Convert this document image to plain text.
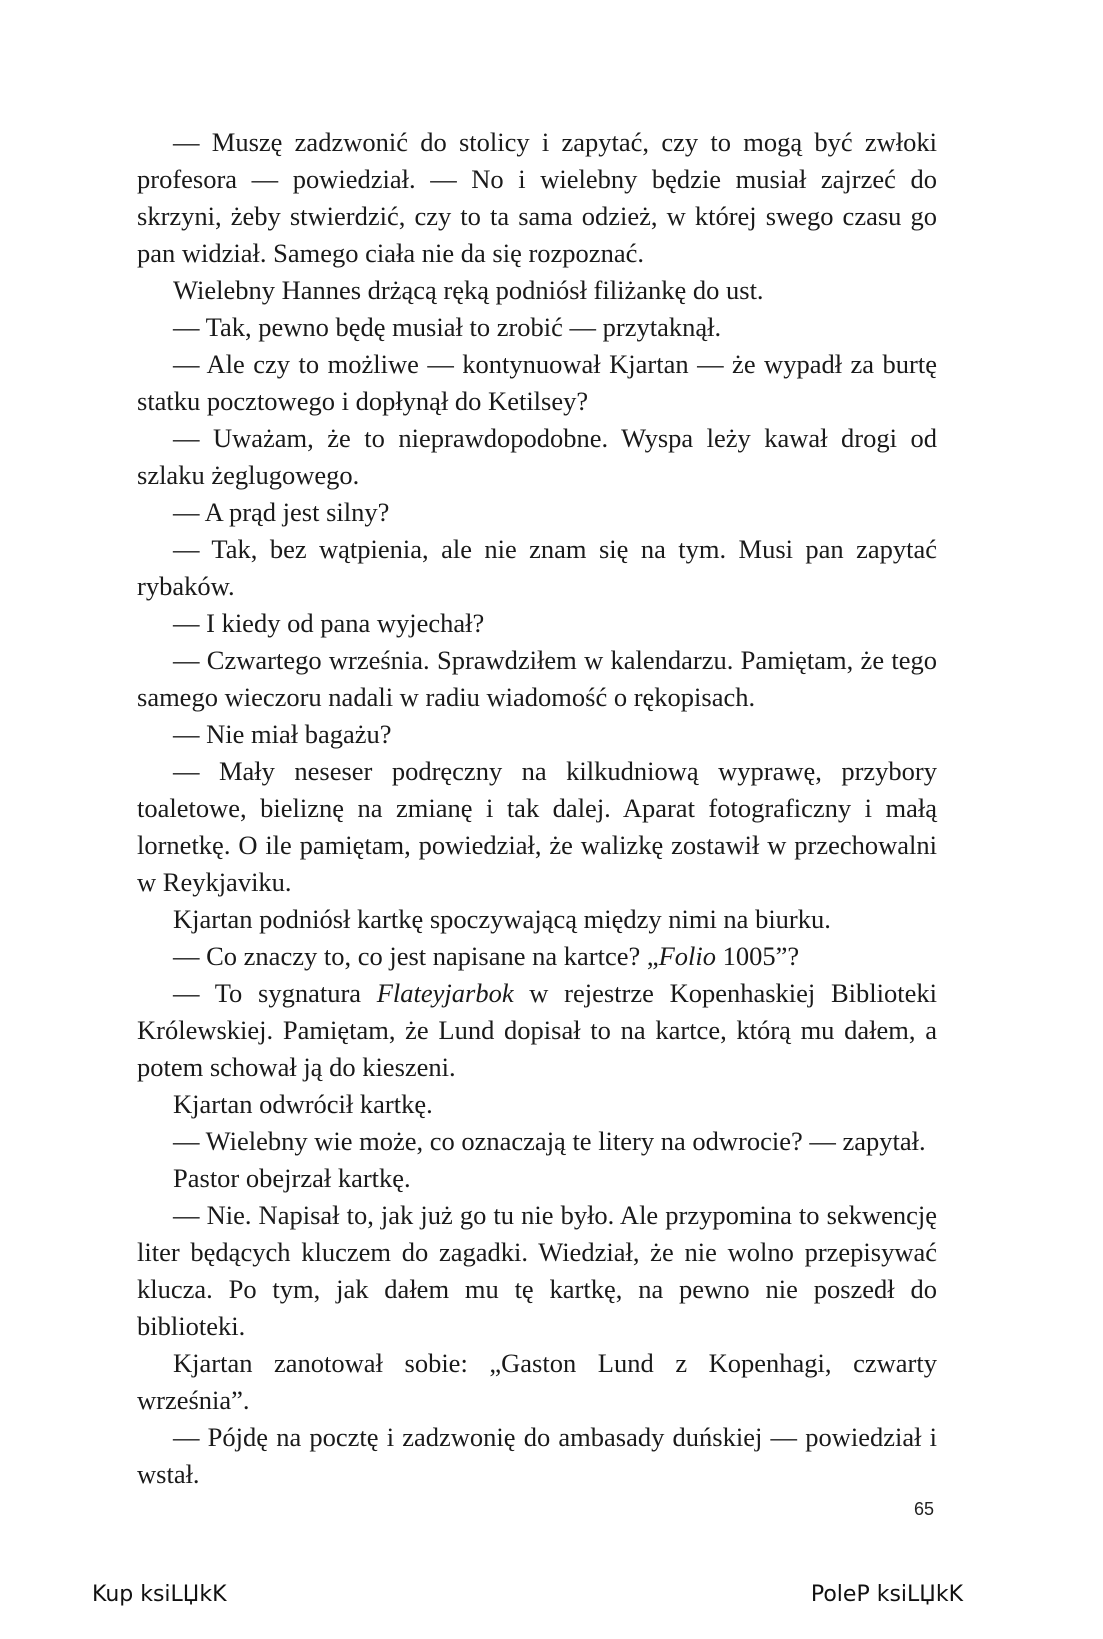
— Muszę zadzwonić do stolicy i zapytać, czy to mogą być zwłoki profesora — powiedział. — No i wielebny będzie musiał zajrzeć do skrzyni, żeby stwierdzić, czy to ta sama odzież, w której swego czasu go pan widział. Samego ciała nie da się rozpoznać.

Wielebny Hannes drżącą ręką podniósł filiżankę do ust.

— Tak, pewno będę musiał to zrobić — przytaknął.

— Ale czy to możliwe — kontynuował Kjartan — że wypadł za burtę statku pocztowego i dopłynął do Ketilsey?

— Uważam, że to nieprawdopodobne. Wyspa leży kawał drogi od szlaku żeglugowego.

— A prąd jest silny?

— Tak, bez wątpienia, ale nie znam się na tym. Musi pan zapytać rybaków.

— I kiedy od pana wyjechał?

— Czwartego września. Sprawdziłem w kalendarzu. Pamiętam, że tego samego wieczoru nadali w radiu wiadomość o rękopisach.

— Nie miał bagażu?

— Mały neseser podręczny na kilkudniową wyprawę, przybory toaletowe, bieliznę na zmianę i tak dalej. Aparat fotograficzny i małą lornetkę. O ile pamiętam, powiedział, że walizkę zostawił w przechowalni w Reykjaviku.

Kjartan podniósł kartkę spoczywającą między nimi na biurku.

— Co znaczy to, co jest napisane na kartce? „Folio 1005”?

— To sygnatura Flateyjarbok w rejestrze Kopenhaskiej Biblioteki Królewskiej. Pamiętam, że Lund dopisał to na kartce, którą mu dałem, a potem schował ją do kieszeni.

Kjartan odwrócił kartkę.

— Wielebny wie może, co oznaczają te litery na odwrocie? — zapytał.

Pastor obejrzał kartkę.

— Nie. Napisał to, jak już go tu nie było. Ale przypomina to sekwencję liter będących kluczem do zagadki. Wiedział, że nie wolno przepisywać klucza. Po tym, jak dałem mu tę kartkę, na pewno nie poszedł do biblioteki.

Kjartan zanotował sobie: „Gaston Lund z Kopenhagi, czwarty września”.

— Pójdę na pocztę i zadzwonię do ambasady duńskiej — powiedział i wstał.

65
Kup ksiLЏkK	PoleP ksiLЏkK
